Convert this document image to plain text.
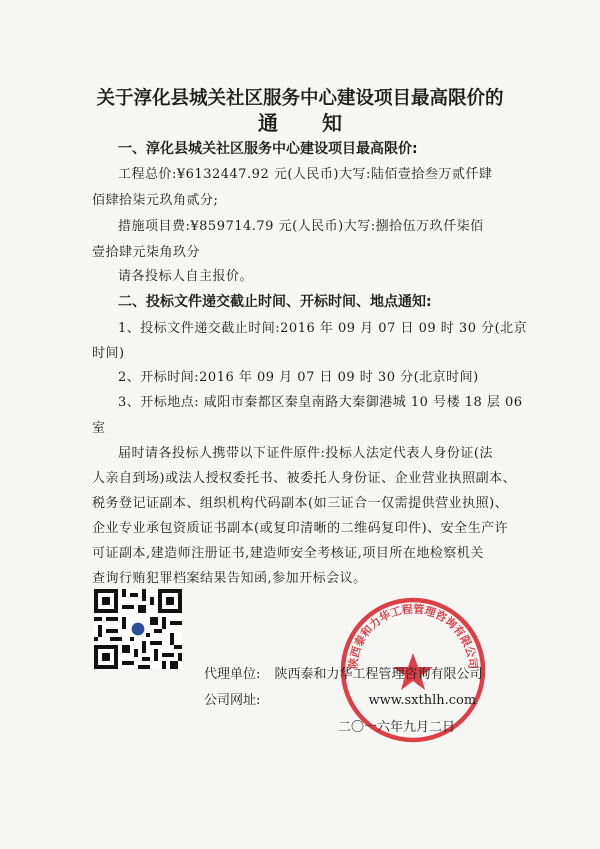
关于淳化县城关社区服务中心建设项目最高限价的
通知
一、淳化县城关社区服务中心建设项目最高限价:
工程总价:¥6132447.92 元(人民币)大写:陆佰壹拾叁万贰仟肆
佰肆拾柒元玖角贰分;
措施项目费:¥859714.79 元(人民币)大写:捌拾伍万玖仟柒佰
壹拾肆元柒角玖分
请各投标人自主报价。
二、投标文件递交截止时间、开标时间、地点通知:
1、投标文件递交截止时间:2016 年 09 月 07 日 09 时 30 分(北京
时间)
2、开标时间:2016 年 09 月 07 日 09 时 30 分(北京时间)
3、开标地点: 咸阳市秦都区秦皇南路大秦御港城 10 号楼 18 层 06
室
届时请各投标人携带以下证件原件:投标人法定代表人身份证(法
人亲自到场)或法人授权委托书、被委托人身份证、企业营业执照副本、
税务登记证副本、组织机构代码副本(如三证合一仅需提供营业执照)、
企业专业承包资质证书副本(或复印清晰的二维码复印件)、安全生产许
可证副本,建造师注册证书,建造师安全考核证,项目所在地检察机关
查询行贿犯罪档案结果告知函,参加开标会议。
陕西泰和力华工程管理咨询有限公司
代理单位: 陕西泰和力华工程管理咨询有限公司
公司网址:	www.sxthlh.com
二〇一六年九月二日
